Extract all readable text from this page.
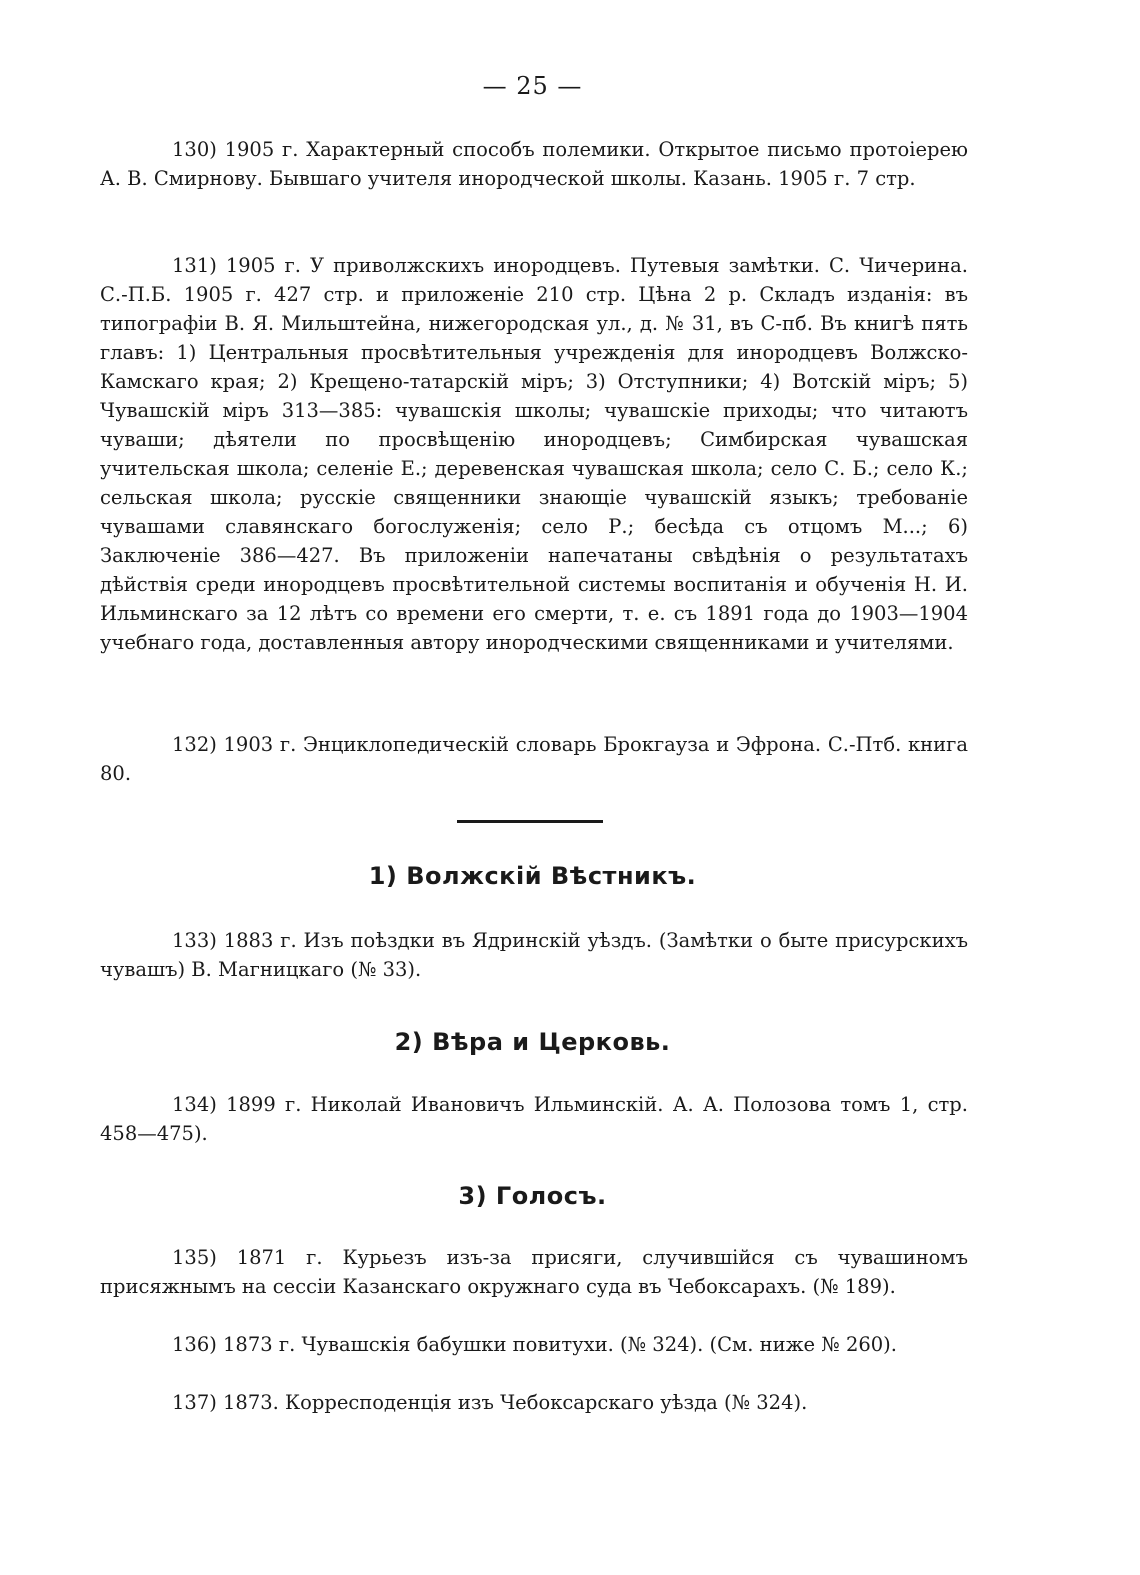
— 25 —

130) 1905 г. Характерный способъ полемики. Открытое письмо протоіерею А. В. Смирнову. Бывшаго учителя инородческой школы. Казань. 1905 г. 7 стр.

131) 1905 г. У приволжскихъ инородцевъ. Путевыя замѣтки. С. Чичерина. С.-П.Б. 1905 г. 427 стр. и приложеніе 210 стр. Цѣна 2 р. Складъ изданія: въ типографіи В. Я. Мильштейна, нижегородская ул., д. № 31, въ С-пб. Въ книгѣ пять главъ: 1) Центральныя просвѣтительныя учрежденія для инородцевъ Волжско-Камскаго края; 2) Крещено-татарскій міръ; 3) Отступники; 4) Вотскій міръ; 5) Чувашскій міръ 313—385: чувашскія школы; чувашскіе приходы; что читаютъ чуваши; дѣятели по просвѣщенію инородцевъ; Симбирская чувашская учительская школа; селеніе Е.; деревенская чувашская школа; село С. Б.; село К.; сельская школа; русскіе священники знающіе чувашскій языкъ; требованіе чувашами славянскаго богослуженія; село Р.; бесѣда съ отцомъ М...; 6) Заключеніе 386—427. Въ приложеніи напечатаны свѣдѣнія о результатахъ дѣйствія среди инородцевъ просвѣтительной системы воспитанія и обученія Н. И. Ильминскаго за 12 лѣтъ со времени его смерти, т. е. съ 1891 года до 1903—1904 учебнаго года, доставленныя автору инородческими священниками и учителями.

132) 1903 г. Энциклопедическій словарь Брокгауза и Эфрона. С.-Птб. книга 80.

1) Волжскій Вѣстникъ.

133) 1883 г. Изъ поѣздки въ Ядринскій уѣздъ. (Замѣтки о быте присурскихъ чувашъ) В. Магницкаго (№ 33).

2) Вѣра и Церковь.

134) 1899 г. Николай Ивановичъ Ильминскій. А. А. Полозова томъ 1, стр. 458—475).

3) Голосъ.

135) 1871 г. Курьезъ изъ-за присяги, случившійся съ чувашиномъ присяжнымъ на сессіи Казанскаго окружнаго суда въ Чебоксарахъ. (№ 189).

136) 1873 г. Чувашскія бабушки повитухи. (№ 324). (См. ниже № 260).

137) 1873. Корресподенція изъ Чебоксарскаго уѣзда (№ 324).
